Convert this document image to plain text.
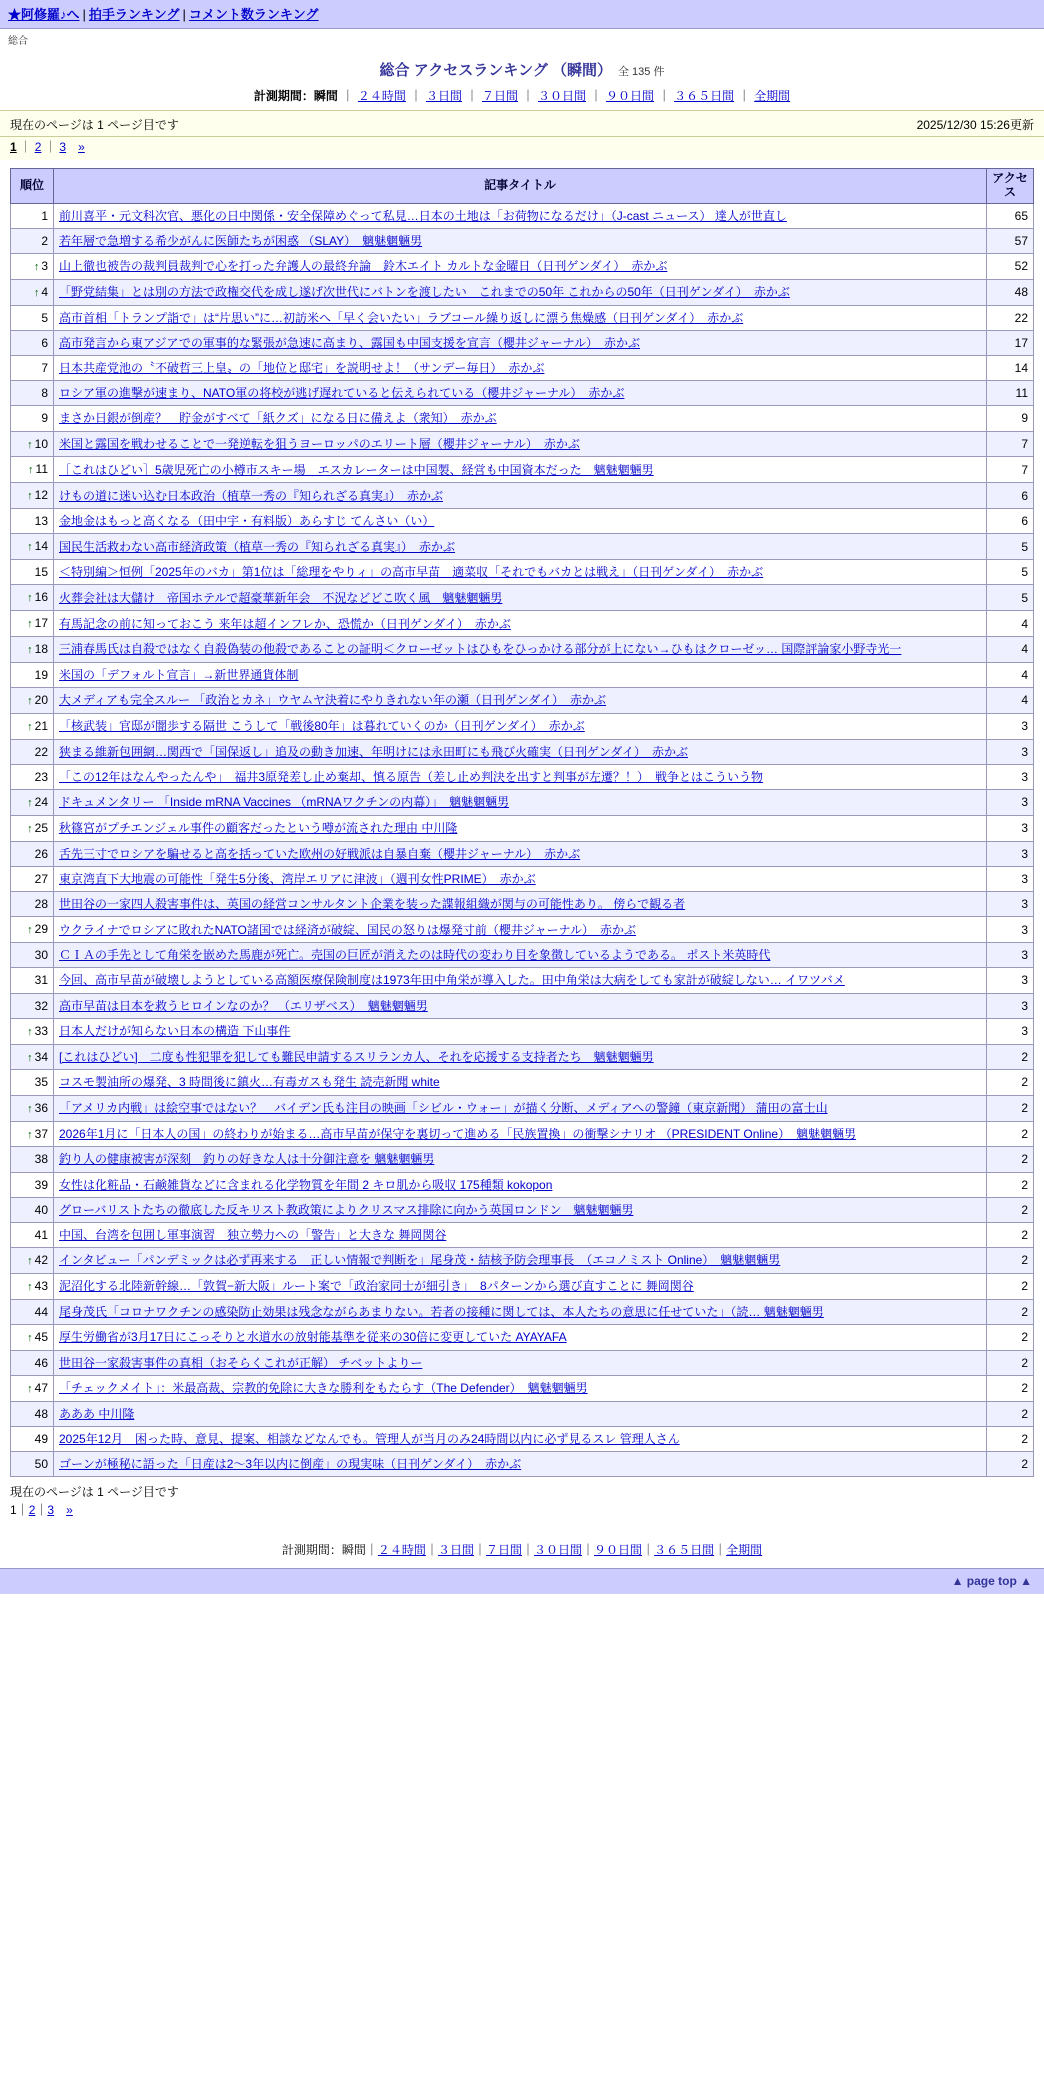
★阿修羅♪へ | 拍手ランキング | コメント数ランキング
総合
総合 アクセスランキング （瞬間） 全 135 件
計測期間：瞬間 ｜ ２４時間 ｜ ３日間 ｜ ７日間 ｜ ３０日間 ｜ ９０日間 ｜ ３６５日間 ｜ 全期間
現在のページは 1 ページ目です	2025/12/30 15:26更新
1 ｜ 2 ｜ 3　 »
順位	記事タイトル	アクセス
1	前川喜平・元文科次官、悪化の日中関係・安全保障めぐって私見…日本の土地は「お荷物になるだけ」（J-cast ニュース） 達人が世直し	65
2	若年層で急増する希少がんに医師たちが困惑 （SLAY）　魑魅魍魎男	57
↑ 3	山上徹也被告の裁判員裁判で心を打った弁護人の最終弁論　鈴木エイト カルトな金曜日（日刊ゲンダイ）　赤かぶ	52
↑ 4	「野党結集」とは別の方法で政権交代を成し遂げ次世代にバトンを渡したい　これまでの50年 これからの50年（日刊ゲンダイ）　赤かぶ	48
5	高市首相「トランプ詣で」は“片思い”に…初訪米へ「早く会いたい」ラブコール繰り返しに漂う焦燥感（日刊ゲンダイ）　赤かぶ	22
6	高市発言から東アジアでの軍事的な緊張が急速に高まり、露国も中国支援を宣言（櫻井ジャーナル）　赤かぶ	17
7	日本共産党池の〝不破哲三上皇〟の「地位と邸宅」を説明せよ！（サンデー毎日）　赤かぶ	14
8	ロシア軍の進撃が速まり、NATO軍の将校が逃げ遅れていると伝えられている（櫻井ジャーナル）　赤かぶ	11
9	まさか日銀が倒産？　貯金がすべて「紙クズ」になる日に備えよ（衆知）　赤かぶ	9
↑ 10	米国と露国を戦わせることで一発逆転を狙うヨーロッパのエリート層（櫻井ジャーナル）　赤かぶ	7
↑ 11	［これはひどい］5歳児死亡の小樽市スキー場　エスカレーターは中国製、経営も中国資本だった　魑魅魍魎男	7
↑ 12	けもの道に迷い込む日本政治（植草一秀の『知られざる真実』）　赤かぶ	6
13	金地金はもっと高くなる（田中宇・有料版）あらすじ てんさい（い）	6
↑ 14	国民生活救わない高市経済政策（植草一秀の『知られざる真実』）　赤かぶ	5
15	＜特別編＞恒例「2025年のバカ」第1位は「総理をやりィ」の高市早苗　適菜収「それでもバカとは戦え」（日刊ゲンダイ）　赤かぶ	5
↑ 16	火葬会社は大儲け　帝国ホテルで超豪華新年会　不況などどこ吹く風　魑魅魍魎男	5
↑ 17	有馬記念の前に知っておこう 来年は超インフレか、恐慌か（日刊ゲンダイ）　赤かぶ	4
↑ 18	三浦春馬氏は自殺ではなく自殺偽装の他殺であることの証明＜クローゼットはひもをひっかける部分が上にない→ひもはクローゼッ… 国際評論家小野寺光一	4
19	米国の「デフォルト宣言」→新世界通貨体制	4
↑ 20	大メディアも完全スルー 「政治とカネ」ウヤムヤ決着にやりきれない年の瀬（日刊ゲンダイ）　赤かぶ	4
↑ 21	「核武装」官邸が闇歩する隔世 こうして「戦後80年」は暮れていくのか（日刊ゲンダイ）　赤かぶ	3
22	狭まる維新包囲網…関西で「国保返し」追及の動き加速、年明けには永田町にも飛び火確実（日刊ゲンダイ）　赤かぶ	3
23	「この12年はなんやったんや」　福井3原発差し止め棄却、慎る原告（差し止め判決を出すと判事が左遷？！）　戦争とはこういう物	3
↑ 24	ドキュメンタリー 「Inside mRNA Vaccines （mRNAワクチンの内幕）」　魑魅魍魎男	3
↑ 25	秋篠宮がプチエンジェル事件の顧客だったという噂が流された理由 中川隆	3
26	舌先三寸でロシアを騙せると高を括っていた欧州の好戦派は自暴自棄（櫻井ジャーナル）　赤かぶ	3
27	東京湾直下大地震の可能性「発生5分後、湾岸エリアに津波」（週刊女性PRIME）　赤かぶ	3
28	世田谷の一家四人殺害事件は、英国の経営コンサルタント企業を装った諜報組織が関与の可能性あり。 傍らで観る者	3
↑ 29	ウクライナでロシアに敗れたNATO諸国では経済が破綻、国民の怒りは爆発寸前（櫻井ジャーナル）　赤かぶ	3
30	ＣＩＡの手先として角栄を嵌めた馬鹿が死亡。売国の巨匠が消えたのは時代の変わり目を象徴しているようである。 ポスト米英時代	3
31	今回、高市早苗が破壊しようとしている高額医療保険制度は1973年田中角栄が導入した。田中角栄は大病をしても家計が破綻しない… イワツバメ	3
32	高市早苗は日本を救うヒロインなのか？ （エリザベス）　魑魅魍魎男	3
↑ 33	日本人だけが知らない日本の構造 下山事件	3
↑ 34	[これはひどい]　二度も性犯罪を犯しても難民申請するスリランカ人、それを応援する支持者たち　魑魅魍魎男	2
35	コスモ製油所の爆発、3 時間後に鎮火…有毒ガスも発生 読売新聞 white	2
↑ 36	「アメリカ内戦」は絵空事ではない？　バイデン氏も注目の映画「シビル・ウォー」が描く分断、メディアへの警鐘（東京新聞） 蒲田の富士山	2
↑ 37	2026年1月に「日本人の国」の終わりが始まる…高市早苗が保守を裏切って進める「民族置換」の衝撃シナリオ （PRESIDENT Online）　魑魅魍魎男	2
38	釣り人の健康被害が深刻　釣りの好きな人は十分御注意を 魑魅魍魎男	2
39	女性は化粧品・石鹸雑貨などに含まれる化学物質を年間 2 キロ肌から吸収 175種類 kokopon	2
40	グローバリストたちの徹底した反キリスト教政策によりクリスマス排除に向かう英国ロンドン　魑魅魍魎男	2
41	中国、台湾を包囲し軍事演習　独立勢力への「警告」と大きな 舞岡関谷	2
↑ 42	インタビュー「パンデミックは必ず再来する　正しい情報で判断を」尾身茂・結核予防会理事長　（エコノミスト Online）　魑魅魍魎男	2
↑ 43	泥沼化する北陸新幹線…「敦賀−新大阪」ルート案で「政治家同士が細引き」　8パターンから選び直すことに 舞岡関谷	2
44	尾身茂氏「コロナワクチンの感染防止効果は残念ながらあまりない。若者の接種に関しては、本人たちの意思に任せていた」（読… 魑魅魍魎男	2
↑ 45	厚生労働省が3月17日にこっそりと水道水の放射能基準を従来の30倍に変更していた AYAYAFA	2
46	世田谷一家殺害事件の真相（おそらくこれが正解） チベットよりー	2
↑ 47	「チェックメイト」：米最高裁、宗教的免除に大きな勝利をもたらす（The Defender）　魑魅魍魎男	2
48	あああ 中川隆	2
49	2025年12月　困った時、意見、提案、相談などなんでも。管理人が当月のみ24時間以内に必ず見るスレ 管理人さん	2
50	ゴーンが極秘に語った「日産は2〜3年以内に倒産」の現実味（日刊ゲンダイ）　赤かぶ	2
現在のページは 1 ページ目です
1｜2｜3　 »
計測期間：瞬間｜２４時間｜３日間｜７日間｜３０日間｜９０日間｜３６５日間｜全期間
▲ page top ▲
